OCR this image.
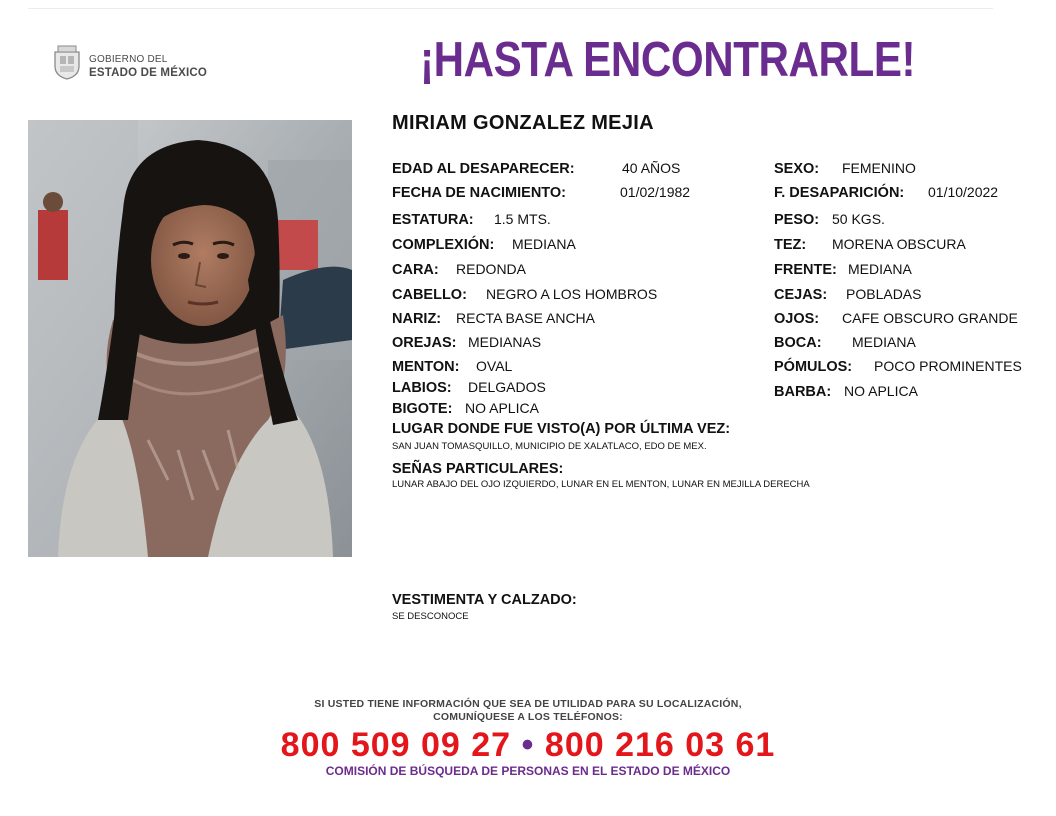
GOBIERNO DEL
ESTADO DE MÉXICO	¡HASTA ENCONTRARLE!
MIRIAM GONZALEZ MEJIA
EDAD AL DESAPARECER:	40 AÑOS
FECHA DE NACIMIENTO:	01/02/1982
ESTATURA: 1.5 MTS.
COMPLEXIÓN: MEDIANA
CARA: REDONDA
CABELLO: NEGRO A LOS HOMBROS
NARIZ: RECTA BASE ANCHA
OREJAS: MEDIANAS
MENTON: OVAL
LABIOS: DELGADOS
BIGOTE: NO APLICA
SEXO: FEMENINO
F. DESAPARICIÓN: 01/10/2022
PESO: 50 KGS.
TEZ: MORENA OBSCURA
FRENTE: MEDIANA
CEJAS: POBLADAS
OJOS: CAFE OBSCURO GRANDE
BOCA: MEDIANA
PÓMULOS: POCO PROMINENTES
BARBA: NO APLICA
LUGAR DONDE FUE VISTO(A) POR ÚLTIMA VEZ:
SAN JUAN TOMASQUILLO, MUNICIPIO DE XALATLACO, EDO DE MEX.
SEÑAS PARTICULARES:
LUNAR ABAJO DEL OJO IZQUIERDO, LUNAR EN EL MENTON, LUNAR EN MEJILLA DERECHA
VESTIMENTA Y CALZADO:
SE DESCONOCE
SI USTED TIENE INFORMACIÓN QUE SEA DE UTILIDAD PARA SU LOCALIZACIÓN,
COMUNÍQUESE A LOS TELÉFONOS:
800 509 09 27 • 800 216 03 61
COMISIÓN DE BÚSQUEDA DE PERSONAS EN EL ESTADO DE MÉXICO
